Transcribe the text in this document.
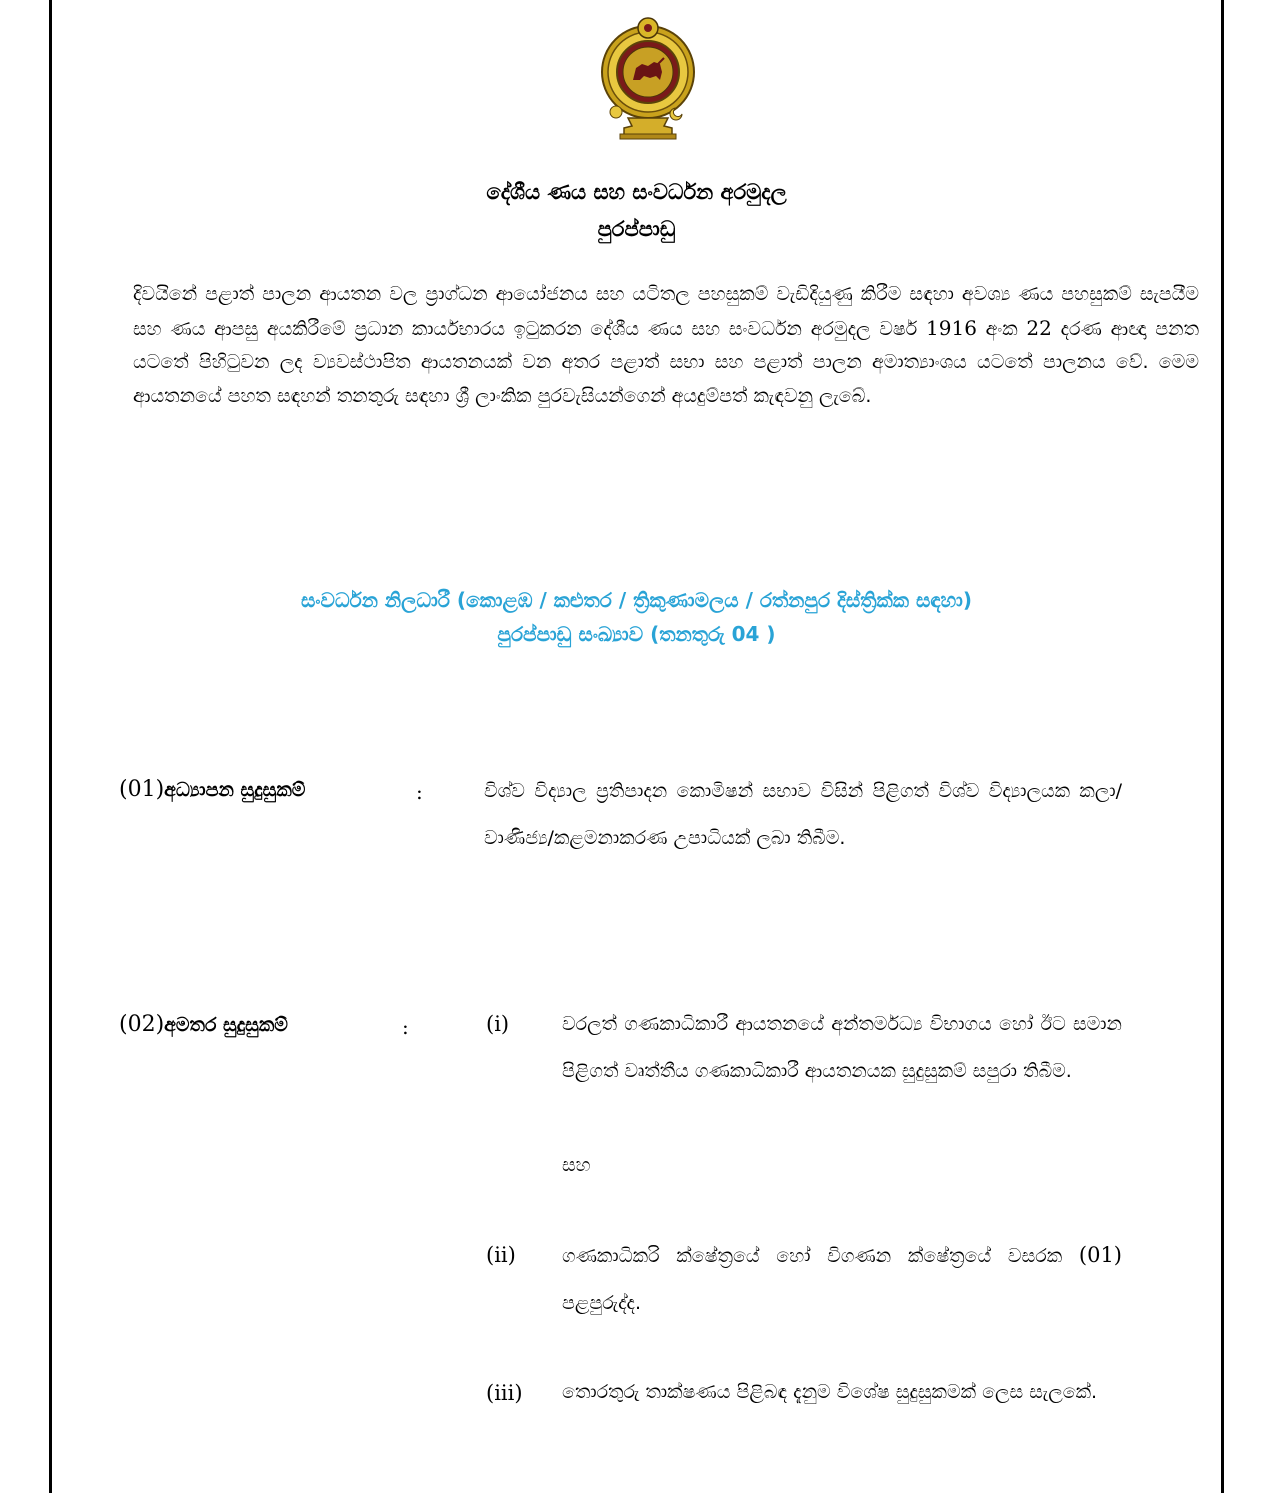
දේශීය ණය සහ සංවර්ධන අරමුදල
පුරප්පාඩු
දිවයිනේ පළාත් පාලන ආයතන වල ප්‍රාග්ධන ආයෝජනය සහ යටිතල පහසුකම් වැඩිදියුණු කිරීම සඳහා අවශ්‍ය ණය පහසුකම් සැපයීම සහ ණය ආපසු අයකිරීමේ ප්‍රධාන කාර්යභාරය ඉටුකරන දේශීය ණය සහ සංවර්ධන අරමුදල වර්ෂ 1916 අංක 22 දරණ ආඥා පනත යටතේ පිහිටුවන ලද ව්‍යවස්ථාපිත ආයතනයක් වන අතර පළාත් සභා සහ පළාත් පාලන අමාත්‍යාංශය යටතේ පාලනය වේ. මෙම ආයතනයේ පහත සඳහන් තනතුරු සඳහා ශ්‍රී ලාංකික පුරවැසියන්ගෙන් අයදුම්පත් කැඳවනු ලැබේ.
සංවර්ධන නිලධාරී (කොළඹ / කළුතර / ත්‍රිකුණාමලය / රත්නපුර දිස්ත්‍රික්ක සඳහා)
පුරප්පාඩු සංඛ්‍යාව (තනතුරු 04 )
(01)අධ්‍යාපන සුදුසුකම්	:	විශ්ව විද්‍යාල ප්‍රතිපාදන කොමිෂන් සභාව විසින් පිළිගත් විශ්ව විද්‍යාලයක කලා/වාණිජ්‍ය/කළමනාකරණ උපාධියක් ලබා තිබීම.
(02)අමතර සුදුසුකම්	:	(i)	වරලත් ගණකාධිකාරී ආයතනයේ අන්තර්මධ්‍ය විභාගය හෝ ඊට සමාන පිළිගත් වෘත්තීය ගණකාධිකාරී ආයතනයක සුදුසුකම් සපුරා තිබීම.
සහ
(ii) ගණකාධිකරි ක්ෂේත්‍රයේ හෝ විගණන ක්ෂේත්‍රයේ වසරක (01) පළපුරුද්ද.
(iii) තොරතුරු තාක්ෂණය පිළිබඳ දැනුම විශේෂ සුදුසුකමක් ලෙස සැලකේ.
